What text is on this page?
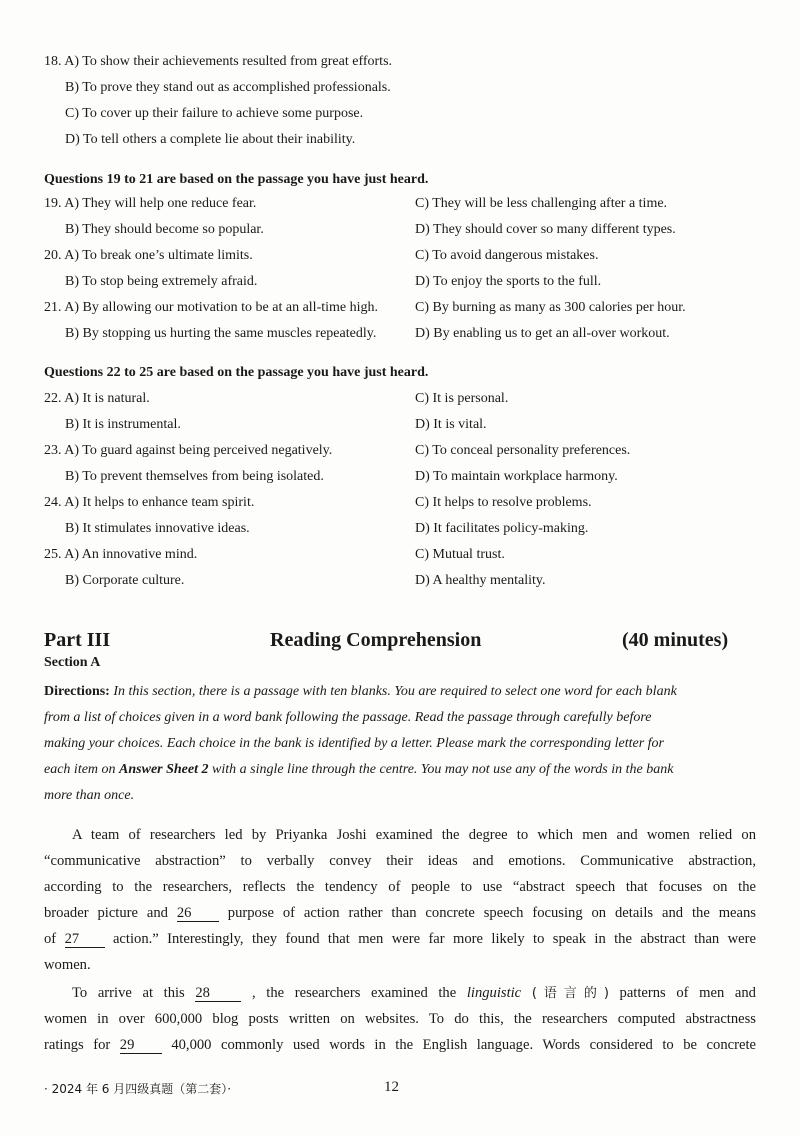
18. A) To show their achievements resulted from great efforts.
B) To prove they stand out as accomplished professionals.
C) To cover up their failure to achieve some purpose.
D) To tell others a complete lie about their inability.
Questions 19 to 21 are based on the passage you have just heard.
19. A) They will help one reduce fear.	C) They will be less challenging after a time.
B) They should become so popular.	D) They should cover so many different types.
20. A) To break one’s ultimate limits.	C) To avoid dangerous mistakes.
B) To stop being extremely afraid.	D) To enjoy the sports to the full.
21. A) By allowing our motivation to be at an all-time high.	C) By burning as many as 300 calories per hour.
B) By stopping us hurting the same muscles repeatedly.	D) By enabling us to get an all-over workout.
Questions 22 to 25 are based on the passage you have just heard.
22. A) It is natural.	C) It is personal.
B) It is instrumental.	D) It is vital.
23. A) To guard against being perceived negatively.	C) To conceal personality preferences.
B) To prevent themselves from being isolated.	D) To maintain workplace harmony.
24. A) It helps to enhance team spirit.	C) It helps to resolve problems.
B) It stimulates innovative ideas.	D) It facilitates policy-making.
25. A) An innovative mind.	C) Mutual trust.
B) Corporate culture.	D) A healthy mentality.
Part III	Reading Comprehension	(40 minutes)
Section A
Directions: In this section, there is a passage with ten blanks. You are required to select one word for each blank
from a list of choices given in a word bank following the passage. Read the passage through carefully before
making your choices. Each choice in the bank is identified by a letter. Please mark the corresponding letter for
each item on Answer Sheet 2 with a single line through the centre. You may not use any of the words in the bank
more than once.
A team of researchers led by Priyanka Joshi examined the degree to which men and women relied on
“communicative abstraction” to verbally convey their ideas and emotions. Communicative abstraction,
according to the researchers, reflects the tendency of people to use “abstract speech that focuses on the
broader picture and 26 purpose of action rather than concrete speech focusing on details and the means
of 27 action.” Interestingly, they found that men were far more likely to speak in the abstract than were
women.
To arrive at this 28	, the researchers examined the linguistic (语言的) patterns of men and
women in over 600,000 blog posts written on websites. To do this, the researchers computed abstractness
ratings for 29	40,000 commonly used words in the English language. Words considered to be concrete
· 2024 年 6 月四级真题（第二套）·	12
